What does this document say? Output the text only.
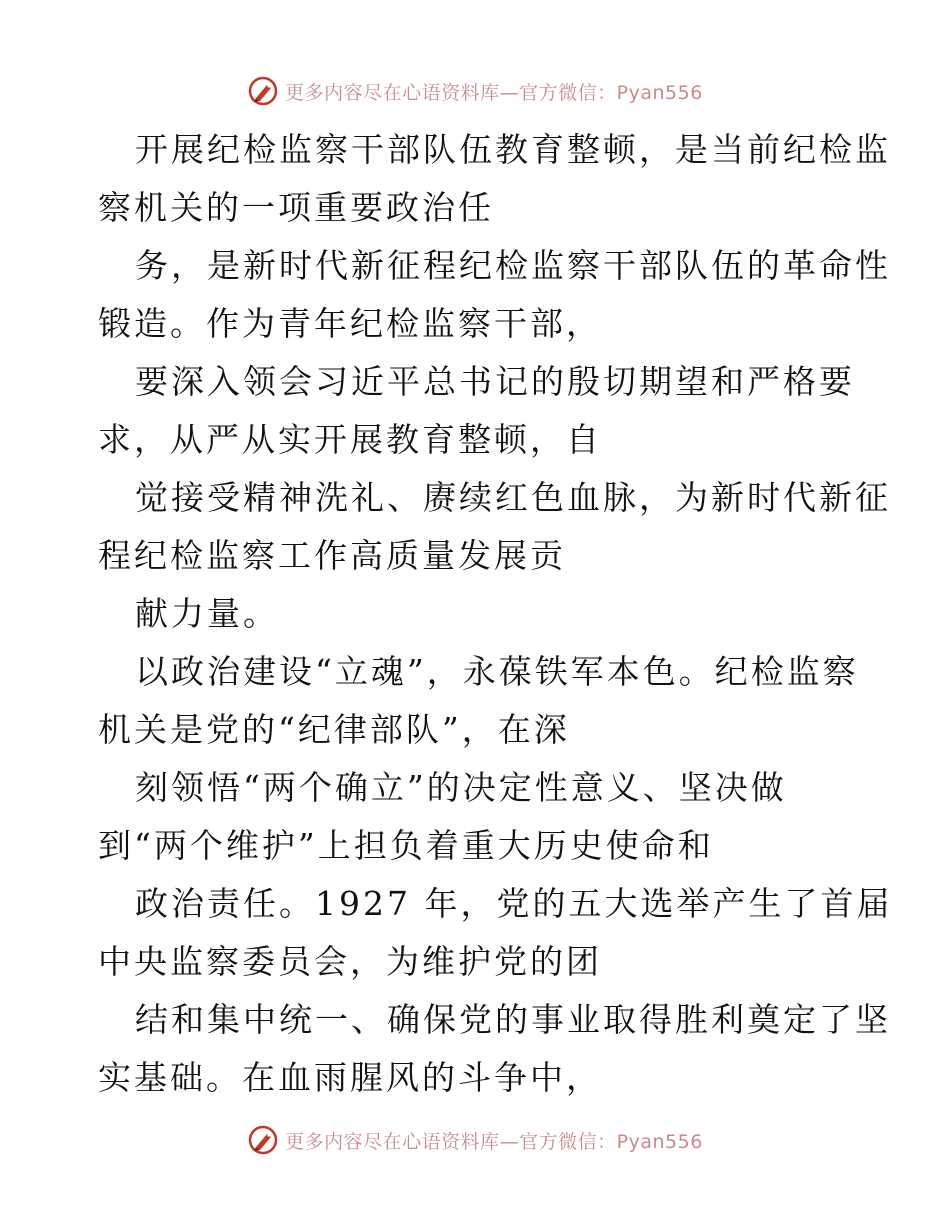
更多内容尽在心语资料库—官方微信：Pyan556
开展纪检监察干部队伍教育整顿，是当前纪检监
察机关的一项重要政治任
务，是新时代新征程纪检监察干部队伍的革命性
锻造。作为青年纪检监察干部，
要深入领会习近平总书记的殷切期望和严格要
求，从严从实开展教育整顿，自
觉接受精神洗礼、赓续红色血脉，为新时代新征
程纪检监察工作高质量发展贡
献力量。
以政治建设“立魂”，永葆铁军本色。纪检监察
机关是党的“纪律部队”，在深
刻领悟“两个确立”的决定性意义、坚决做
到“两个维护”上担负着重大历史使命和
政治责任。1927 年，党的五大选举产生了首届
中央监察委员会，为维护党的团
结和集中统一、确保党的事业取得胜利奠定了坚
实基础。在血雨腥风的斗争中，
更多内容尽在心语资料库—官方微信：Pyan556
